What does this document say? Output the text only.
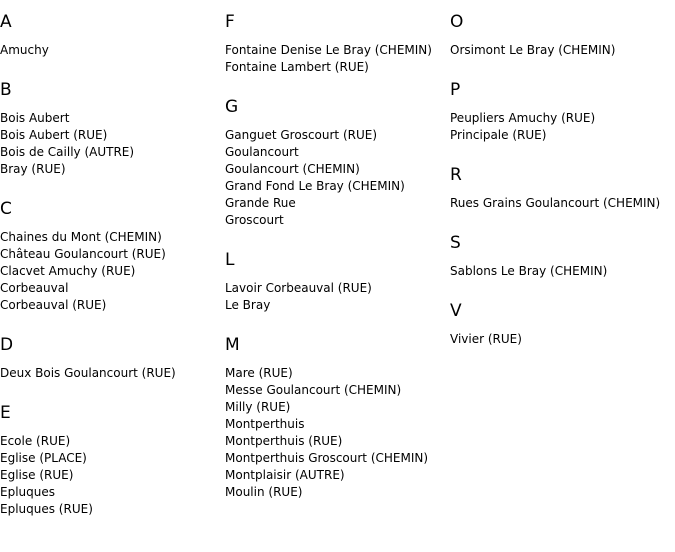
A
Amuchy
B
Bois Aubert
Bois Aubert (RUE)
Bois de Cailly (AUTRE)
Bray (RUE)
C
Chaines du Mont (CHEMIN)
Château Goulancourt (RUE)
Clacvet Amuchy (RUE)
Corbeauval
Corbeauval (RUE)
D
Deux Bois Goulancourt (RUE)
E
Ecole (RUE)
Eglise (PLACE)
Eglise (RUE)
Epluques
Epluques (RUE)
F
Fontaine Denise Le Bray (CHEMIN)
Fontaine Lambert (RUE)
G
Ganguet Groscourt (RUE)
Goulancourt
Goulancourt (CHEMIN)
Grand Fond Le Bray (CHEMIN)
Grande Rue
Groscourt
L
Lavoir Corbeauval (RUE)
Le Bray
M
Mare (RUE)
Messe Goulancourt (CHEMIN)
Milly (RUE)
Montperthuis
Montperthuis (RUE)
Montperthuis Groscourt (CHEMIN)
Montplaisir (AUTRE)
Moulin (RUE)
O
Orsimont Le Bray (CHEMIN)
P
Peupliers Amuchy (RUE)
Principale (RUE)
R
Rues Grains Goulancourt (CHEMIN)
S
Sablons Le Bray (CHEMIN)
V
Vivier (RUE)
